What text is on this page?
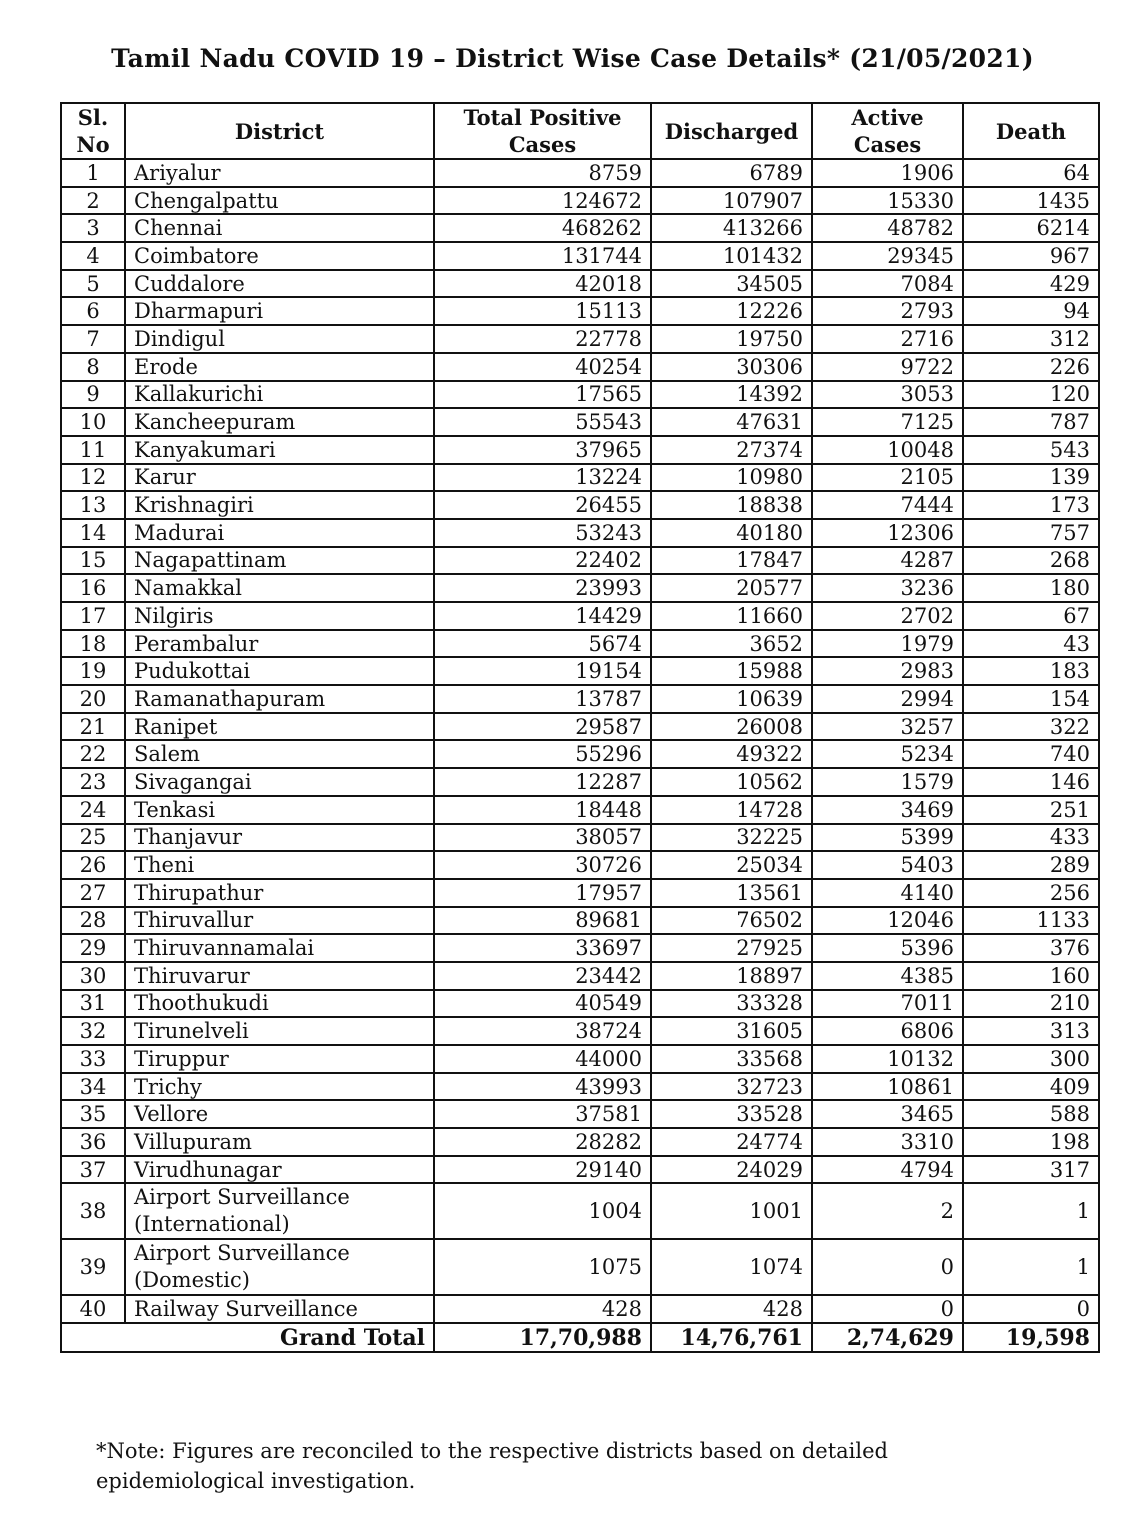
Tamil Nadu COVID 19 – District Wise Case Details* (21/05/2021)
Sl. No	District	Total Positive Cases	Discharged	Active Cases	Death
1	Ariyalur	8759	6789	1906	64
2	Chengalpattu	124672	107907	15330	1435
3	Chennai	468262	413266	48782	6214
4	Coimbatore	131744	101432	29345	967
5	Cuddalore	42018	34505	7084	429
6	Dharmapuri	15113	12226	2793	94
7	Dindigul	22778	19750	2716	312
8	Erode	40254	30306	9722	226
9	Kallakurichi	17565	14392	3053	120
10	Kancheepuram	55543	47631	7125	787
11	Kanyakumari	37965	27374	10048	543
12	Karur	13224	10980	2105	139
13	Krishnagiri	26455	18838	7444	173
14	Madurai	53243	40180	12306	757
15	Nagapattinam	22402	17847	4287	268
16	Namakkal	23993	20577	3236	180
17	Nilgiris	14429	11660	2702	67
18	Perambalur	5674	3652	1979	43
19	Pudukottai	19154	15988	2983	183
20	Ramanathapuram	13787	10639	2994	154
21	Ranipet	29587	26008	3257	322
22	Salem	55296	49322	5234	740
23	Sivagangai	12287	10562	1579	146
24	Tenkasi	18448	14728	3469	251
25	Thanjavur	38057	32225	5399	433
26	Theni	30726	25034	5403	289
27	Thirupathur	17957	13561	4140	256
28	Thiruvallur	89681	76502	12046	1133
29	Thiruvannamalai	33697	27925	5396	376
30	Thiruvarur	23442	18897	4385	160
31	Thoothukudi	40549	33328	7011	210
32	Tirunelveli	38724	31605	6806	313
33	Tiruppur	44000	33568	10132	300
34	Trichy	43993	32723	10861	409
35	Vellore	37581	33528	3465	588
36	Villupuram	28282	24774	3310	198
37	Virudhunagar	29140	24029	4794	317
38	Airport Surveillance (International)	1004	1001	2	1
39	Airport Surveillance (Domestic)	1075	1074	0	1
40	Railway Surveillance	428	428	0	0
Grand Total		17,70,988	14,76,761	2,74,629	19,598
*Note: Figures are reconciled to the respective districts based on detailed epidemiological investigation.
